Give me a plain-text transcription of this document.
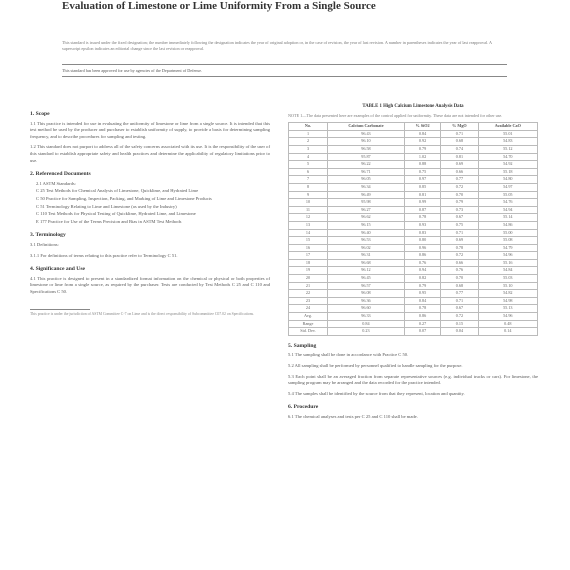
Evaluation of Limestone or Lime Uniformity From a Single Source
This standard is issued under the fixed designation; the number immediately following the designation indicates the year of original adoption or, in the case of revision, the year of last revision. A number in parentheses indicates the year of last reapproval. A superscript epsilon indicates an editorial change since the last revision or reapproval.
This standard has been approved for use by agencies of the Department of Defense.
1. Scope

1.1 This practice is intended for use in evaluating the uniformity of limestone or lime from a single source. It is intended that this test method be used by the producer and purchaser to establish uniformity of supply, to provide a basis for determining sampling frequency, and to describe procedures for sampling and testing.

1.2 This standard does not purport to address all of the safety concerns associated with its use. It is the responsibility of the user of this standard to establish appropriate safety and health practices and determine the applicability of regulatory limitations prior to use.

2. Referenced Documents
2.1 ASTM Standards:
C 25 Test Methods for Chemical Analysis of Limestone, Quicklime, and Hydrated Lime
C 50 Practice for Sampling, Inspection, Packing, and Marking of Lime and Limestone Products
C 51 Terminology Relating to Lime and Limestone (as used by the Industry)
C 110 Test Methods for Physical Testing of Quicklime, Hydrated Lime, and Limestone
E 177 Practice for Use of the Terms Precision and Bias in ASTM Test Methods
3. Terminology

3.1 Definitions:

3.1.1 For definitions of terms relating to this practice refer to Terminology C 51.

4. Significance and Use

4.1 This practice is designed to present in a standardized format information on the chemical or physical or both properties of limestone or lime from a single source, as required by the purchaser. Tests are conducted by Test Methods C 25 and C 110 and Specifications C 50.

This practice is under the jurisdiction of ASTM Committee C-7 on Lime and is the direct responsibility of Subcommittee C07.02 on Specifications.
TABLE 1 High Calcium Limestone Analysis Data
NOTE 1—The data presented here are examples of the control applied for uniformity. These data are not intended for other use.
No.	Calcium Carbonate	% SiO2	% MgO	Available CaO
1	96.43	0.84	0.71	55.01
2	96.10	0.92	0.68	54.83
3	96.58	0.79	0.74	55.12
4	95.87	1.02	0.81	54.70
5	96.22	0.88	0.69	54.92
6	96.71	0.75	0.66	55.18
7	96.05	0.97	0.77	54.80
8	96.34	0.85	0.72	54.97
9	96.49	0.81	0.70	55.05
10	95.98	0.99	0.79	54.76
11	96.27	0.87	0.73	54.94
12	96.62	0.78	0.67	55.14
13	96.15	0.93	0.75	54.86
14	96.40	0.83	0.71	55.00
15	96.53	0.80	0.69	55.08
16	96.02	0.96	0.78	54.79
17	96.31	0.86	0.72	54.96
18	96.68	0.76	0.66	55.16
19	96.12	0.94	0.76	54.84
20	96.45	0.82	0.70	55.03
21	96.57	0.79	0.68	55.10
22	96.08	0.95	0.77	54.82
23	96.36	0.84	0.71	54.98
24	96.60	0.78	0.67	55.13
Avg.	96.33	0.86	0.72	54.96
Range	0.84	0.27	0.15	0.48
Std. Dev.	0.23	0.07	0.04	0.14
5. Sampling

5.1 The sampling shall be done in accordance with Practice C 50.

5.2 All sampling shall be performed by personnel qualified to handle sampling for the purpose.

5.3 Each point shall be an averaged fraction from separate representative sources (e.g. individual trucks or cars). For limestone, the sampling program may be arranged and the data recorded for the practice intended.

5.4 The samples shall be identified by the source from that they represent, location and quantity.

6. Procedure

6.1 The chemical analyses and tests per C 25 and C 110 shall be made.
